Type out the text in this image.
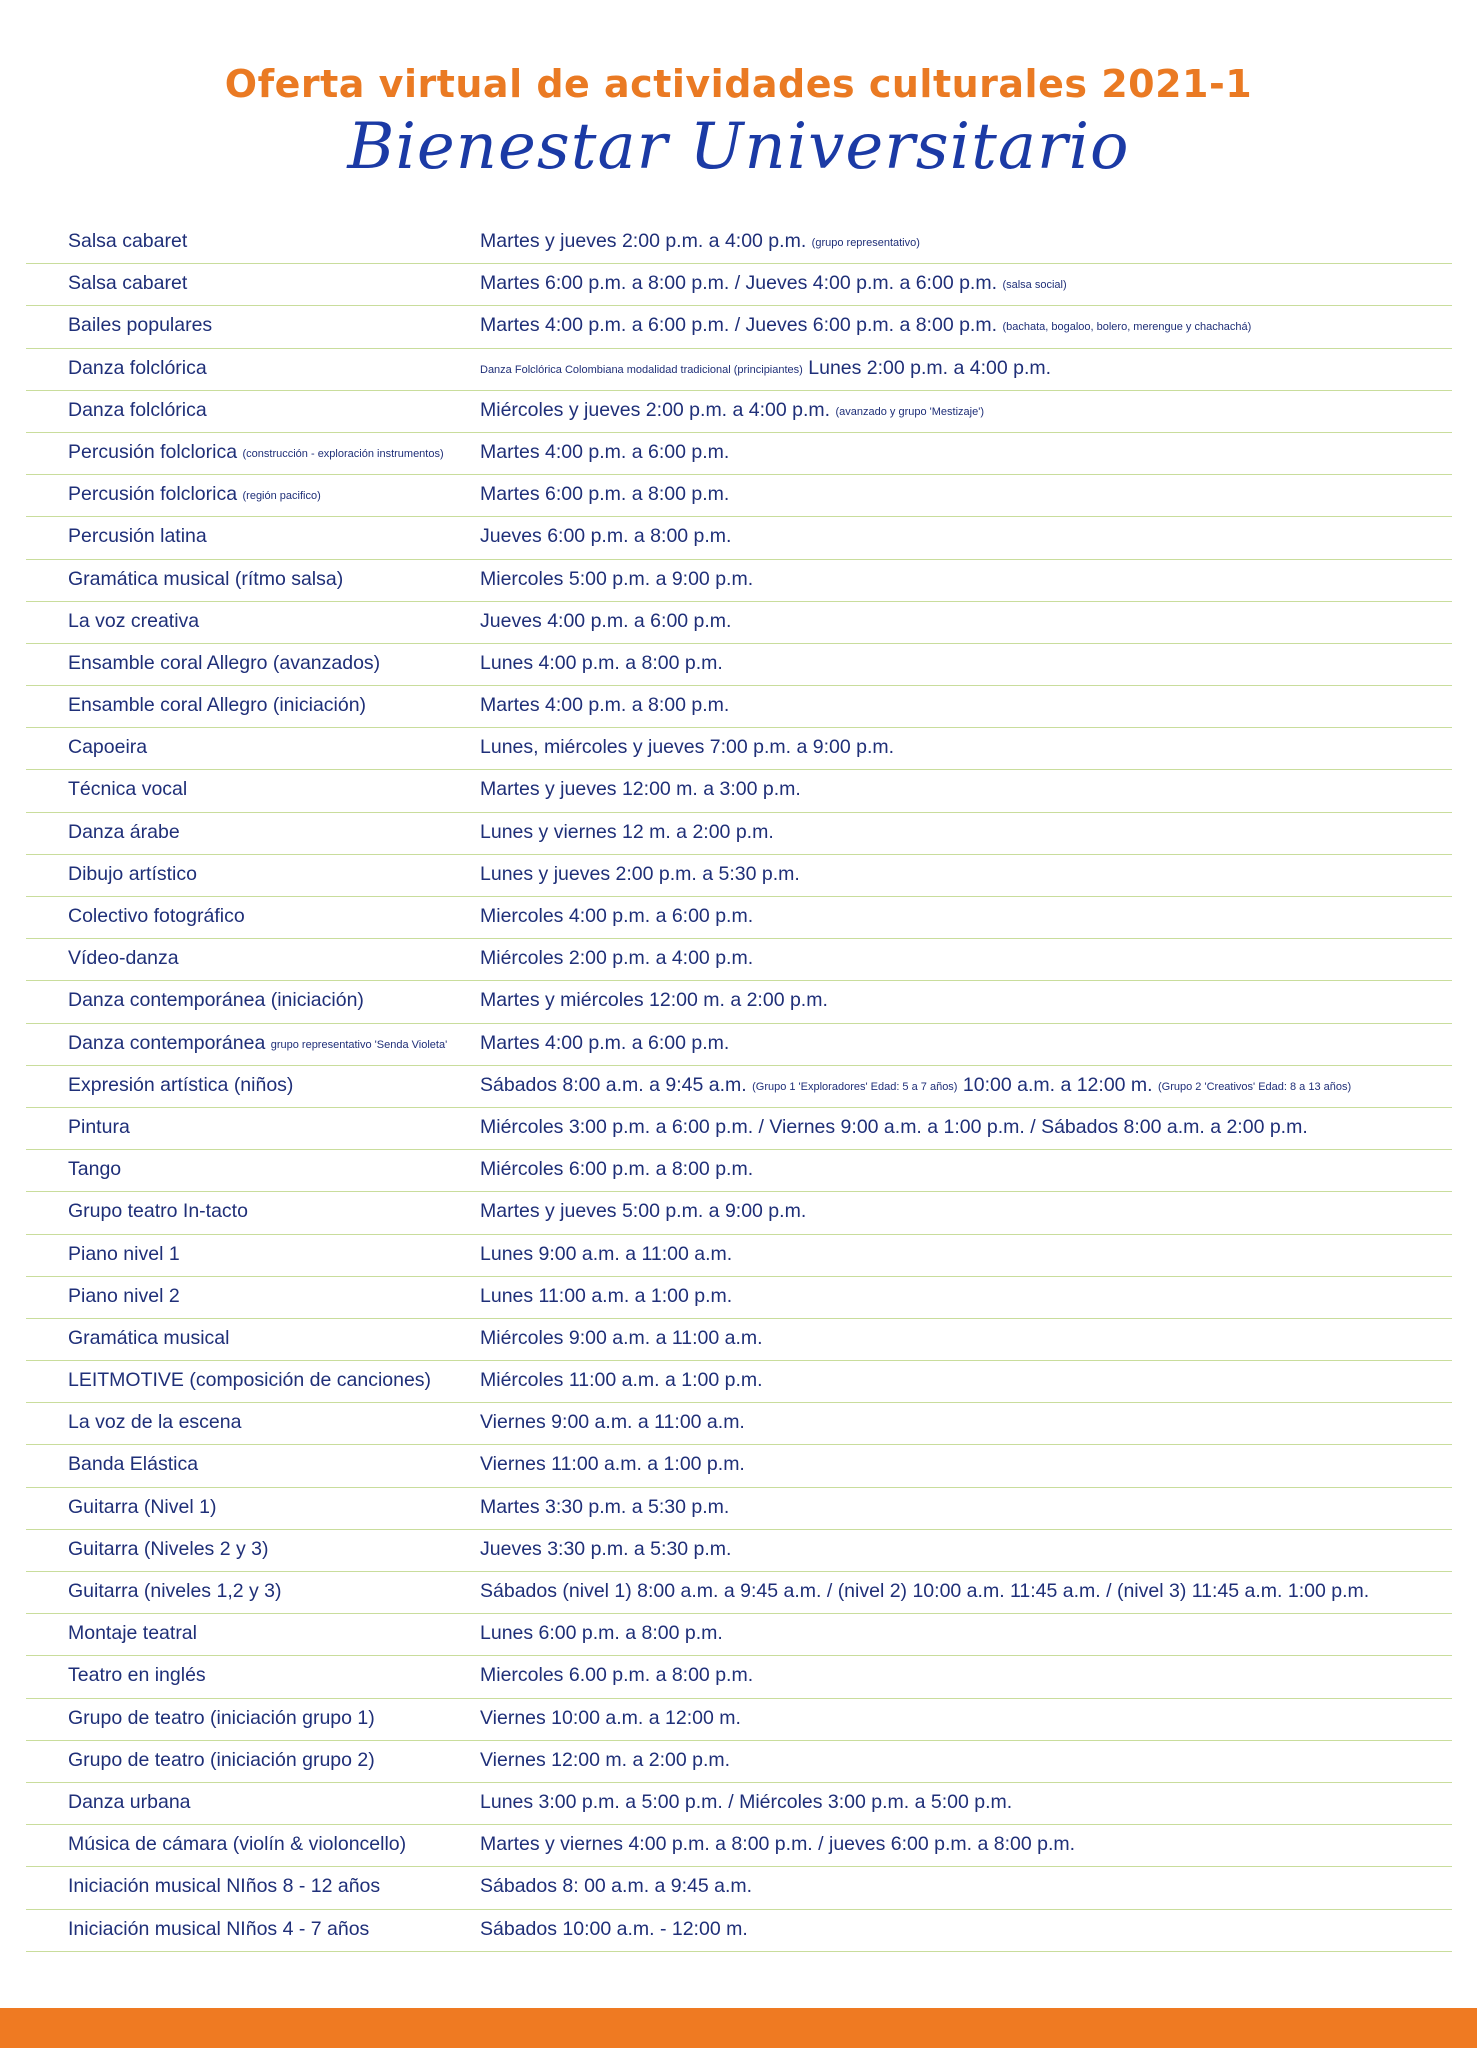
Oferta virtual de actividades culturales 2021-1
Bienestar Universitario
Salsa cabaret	Martes y jueves 2:00 p.m. a 4:00 p.m. (grupo representativo)
Salsa cabaret	Martes 6:00 p.m. a 8:00 p.m. / Jueves 4:00 p.m. a 6:00 p.m. (salsa social)
Bailes populares	Martes 4:00 p.m. a 6:00 p.m. / Jueves 6:00 p.m. a 8:00 p.m. (bachata, bogaloo, bolero, merengue y chachachá)
Danza folclórica	Danza Folclórica Colombiana modalidad tradicional (principiantes) Lunes 2:00 p.m. a 4:00 p.m.
Danza folclórica	Miércoles y jueves 2:00 p.m. a 4:00 p.m. (avanzado y grupo 'Mestizaje')
Percusión folclorica (construcción - exploración instrumentos)	Martes 4:00 p.m. a 6:00 p.m.
Percusión folclorica (región pacifico)	Martes 6:00 p.m. a 8:00 p.m.
Percusión latina	Jueves 6:00 p.m. a 8:00 p.m.
Gramática musical (rítmo salsa)	Miercoles 5:00 p.m. a 9:00 p.m.
La voz creativa	Jueves 4:00 p.m. a 6:00 p.m.
Ensamble coral Allegro (avanzados)	Lunes 4:00 p.m. a 8:00 p.m.
Ensamble coral Allegro (iniciación)	Martes 4:00 p.m. a 8:00 p.m.
Capoeira	Lunes, miércoles y jueves 7:00 p.m. a 9:00 p.m.
Técnica vocal	Martes y jueves 12:00 m. a 3:00 p.m.
Danza árabe	Lunes y viernes 12 m. a 2:00 p.m.
Dibujo artístico	Lunes y jueves 2:00 p.m. a 5:30 p.m.
Colectivo fotográfico	Miercoles 4:00 p.m. a 6:00 p.m.
Vídeo-danza	Miércoles 2:00 p.m. a 4:00 p.m.
Danza contemporánea (iniciación)	Martes y miércoles 12:00 m. a 2:00 p.m.
Danza contemporánea grupo representativo 'Senda Violeta'	Martes 4:00 p.m. a 6:00 p.m.
Expresión artística (niños)	Sábados 8:00 a.m. a 9:45 a.m. (Grupo 1 'Exploradores' Edad: 5 a 7 años) 10:00 a.m. a 12:00 m. (Grupo 2 'Creativos' Edad: 8 a 13 años)
Pintura	Miércoles 3:00 p.m. a 6:00 p.m. / Viernes 9:00 a.m. a 1:00 p.m. / Sábados 8:00 a.m. a 2:00 p.m.
Tango	Miércoles 6:00 p.m. a 8:00 p.m.
Grupo teatro In-tacto	Martes y jueves 5:00 p.m. a 9:00 p.m.
Piano nivel 1	Lunes 9:00 a.m. a 11:00 a.m.
Piano nivel 2	Lunes 11:00 a.m. a 1:00 p.m.
Gramática musical	Miércoles 9:00 a.m. a 11:00 a.m.
LEITMOTIVE (composición de canciones)	Miércoles 11:00 a.m. a 1:00 p.m.
La voz de la escena	Viernes 9:00 a.m. a 11:00 a.m.
Banda Elástica	Viernes 11:00 a.m. a 1:00 p.m.
Guitarra (Nivel 1)	Martes 3:30 p.m. a 5:30 p.m.
Guitarra (Niveles 2 y 3)	Jueves 3:30 p.m. a 5:30 p.m.
Guitarra (niveles 1,2 y 3)	Sábados (nivel 1) 8:00 a.m. a 9:45 a.m. / (nivel 2) 10:00 a.m. 11:45 a.m. / (nivel 3) 11:45 a.m. 1:00 p.m.
Montaje teatral	Lunes 6:00 p.m. a 8:00 p.m.
Teatro en inglés	Miercoles 6.00 p.m. a 8:00 p.m.
Grupo de teatro (iniciación grupo 1)	Viernes 10:00 a.m. a 12:00 m.
Grupo de teatro (iniciación grupo 2)	Viernes 12:00 m. a 2:00 p.m.
Danza urbana	Lunes 3:00 p.m. a 5:00 p.m. / Miércoles 3:00 p.m. a 5:00 p.m.
Música de cámara (violín & violoncello)	Martes y viernes 4:00 p.m. a 8:00 p.m. / jueves 6:00 p.m. a 8:00 p.m.
Iniciación musical NIños 8 - 12 años	Sábados 8: 00 a.m. a 9:45 a.m.
Iniciación musical NIños 4 - 7 años	Sábados 10:00 a.m. - 12:00 m.
